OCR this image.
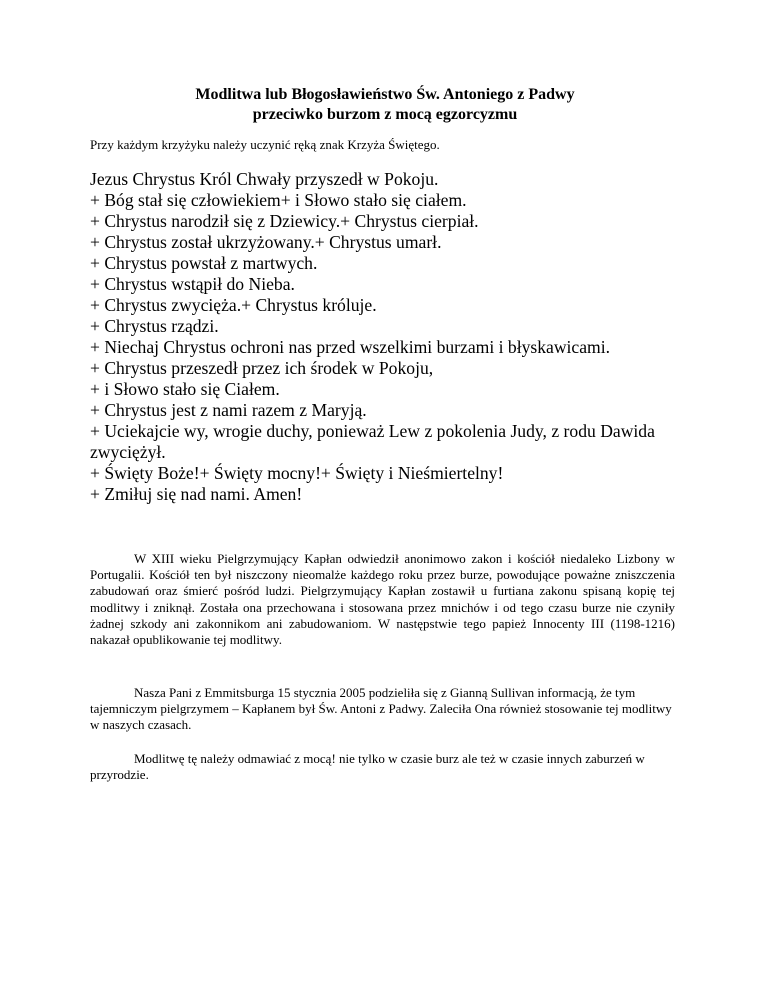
Modlitwa lub Błogosławieństwo Św. Antoniego z Padwy
przeciwko burzom z mocą egzorcyzmu
Przy każdym krzyżyku należy uczynić ręką znak Krzyża Świętego.
Jezus Chrystus Król Chwały przyszedł w Pokoju.
+ Bóg stał się człowiekiem+ i Słowo stało się ciałem.
+ Chrystus narodził się z Dziewicy.+ Chrystus cierpiał.
+ Chrystus został ukrzyżowany.+ Chrystus umarł.
+ Chrystus powstał z martwych.
+ Chrystus wstąpił do Nieba.
+ Chrystus zwycięża.+ Chrystus króluje.
+ Chrystus rządzi.
+ Niechaj Chrystus ochroni nas przed wszelkimi burzami i błyskawicami.
+ Chrystus przeszedł przez ich środek w Pokoju,
+ i Słowo stało się Ciałem.
+ Chrystus jest z nami razem z Maryją.
+ Uciekajcie wy, wrogie duchy, ponieważ Lew z pokolenia Judy, z rodu Dawida zwyciężył.
+ Święty Boże!+ Święty mocny!+ Święty i Nieśmiertelny!
+ Zmiłuj się nad nami. Amen!
W XIII wieku Pielgrzymujący Kapłan odwiedził anonimowo zakon i kościół niedaleko Lizbony w Portugalii. Kościół ten był niszczony nieomalże każdego roku przez burze, powodujące poważne zniszczenia zabudowań oraz śmierć pośród ludzi. Pielgrzymujący Kapłan zostawił u furtiana zakonu spisaną kopię tej modlitwy i zniknął. Została ona przechowana i stosowana przez mnichów i od tego czasu burze nie czyniły żadnej szkody ani zakonnikom ani zabudowaniom. W następstwie tego papież Innocenty III (1198-1216) nakazał opublikowanie tej modlitwy.
Nasza Pani z Emmitsburga 15 stycznia 2005 podzieliła się z Gianną Sullivan informacją, że tym tajemniczym pielgrzymem – Kapłanem był Św. Antoni z Padwy. Zaleciła Ona również stosowanie tej modlitwy w naszych czasach.
Modlitwę tę należy odmawiać z mocą! nie tylko w czasie burz ale też w czasie innych zaburzeń w przyrodzie.
